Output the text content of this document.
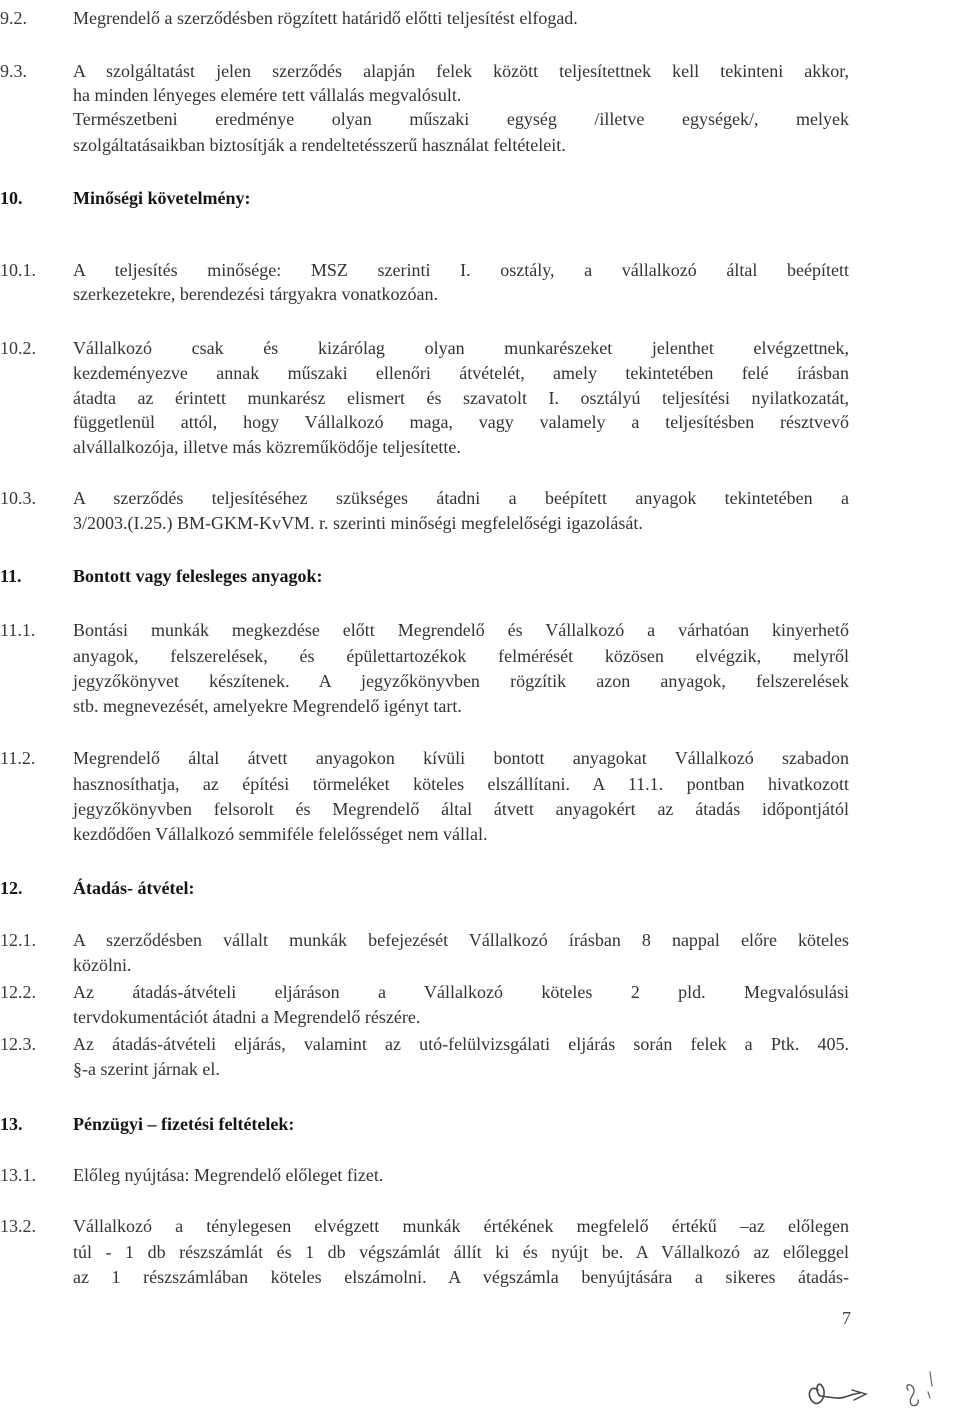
9.2.	Megrendelő a szerződésben rögzített határidő előtti teljesítést elfogad.
9.3.	A szolgáltatást jelen szerződés alapján felek között teljesítettnek kell tekinteni akkor,
ha minden lényeges elemére tett vállalás megvalósult.
Természetbeni eredménye olyan műszaki egység /illetve egységek/, melyek
szolgáltatásaikban biztosítják a rendeltetésszerű használat feltételeit.
10.	Minőségi követelmény:
10.1. A teljesítés minősége: MSZ szerinti I. osztály, a vállalkozó által beépített
szerkezetekre, berendezési tárgyakra vonatkozóan.
10.2. Vállalkozó csak és kizárólag olyan munkarészeket jelenthet elvégzettnek,
kezdeményezve annak műszaki ellenőri átvételét, amely tekintetében felé írásban
átadta az érintett munkarész elismert és szavatolt I. osztályú teljesítési nyilatkozatát,
függetlenül attól, hogy Vállalkozó maga, vagy valamely a teljesítésben résztvevő
alvállalkozója, illetve más közreműködője teljesítette.
10.3. A szerződés teljesítéséhez szükséges átadni a beépített anyagok tekintetében a
3/2003.(I.25.) BM-GKM-KvVM. r. szerinti minőségi megfelelőségi igazolását.
11.	Bontott vagy felesleges anyagok:
11.1. Bontási munkák megkezdése előtt Megrendelő és Vállalkozó a várhatóan kinyerhető
anyagok, felszerelések, és épülettartozékok felmérését közösen elvégzik, melyről
jegyzőkönyvet készítenek. A jegyzőkönyvben rögzítik azon anyagok, felszerelések
stb. megnevezését, amelyekre Megrendelő igényt tart.
11.2. Megrendelő által átvett anyagokon kívüli bontott anyagokat Vállalkozó szabadon
hasznosíthatja, az építési törmeléket köteles elszállítani. A 11.1. pontban hivatkozott
jegyzőkönyvben felsorolt és Megrendelő által átvett anyagokért az átadás időpontjától
kezdődően Vállalkozó semmiféle felelősséget nem vállal.
12.	Átadás- átvétel:
12.1. A szerződésben vállalt munkák befejezését Vállalkozó írásban 8 nappal előre köteles
közölni.
12.2. Az átadás-átvételi eljáráson a Vállalkozó köteles 2 pld. Megvalósulási
tervdokumentációt átadni a Megrendelő részére.
12.3. Az átadás-átvételi eljárás, valamint az utó-felülvizsgálati eljárás során felek a Ptk. 405.
§-a szerint járnak el.
13.	Pénzügyi – fizetési feltételek:
13.1. Előleg nyújtása: Megrendelő előleget fizet.
13.2. Vállalkozó a ténylegesen elvégzett munkák értékének megfelelő értékű –az előlegen
túl - 1 db részszámlát és 1 db végszámlát állít ki és nyújt be. A Vállalkozó az előleggel
az 1 részszámlában köteles elszámolni. A végszámla benyújtására a sikeres átadás-
7
